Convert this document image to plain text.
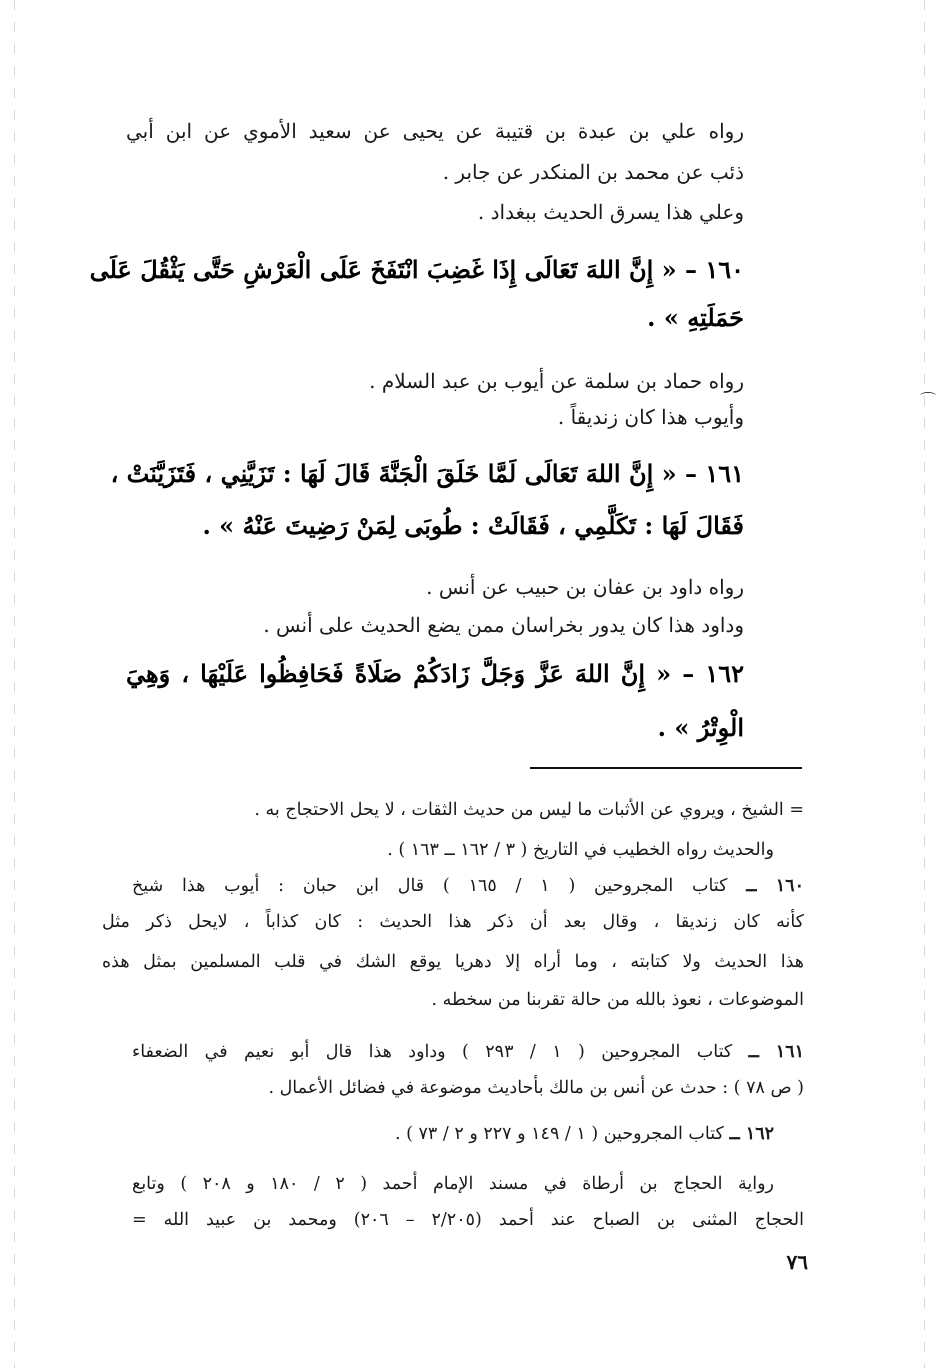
رواه علي بن عبدة بن قتيبة عن يحيى عن سعيد الأموي عن ابن أبي
ذئب عن محمد بن المنكدر عن جابر .
وعلي هذا يسرق الحديث ببغداد .
١٦٠ – « إِنَّ اللهَ تَعَالَى إِذَا غَضِبَ انْتَفَخَ عَلَى الْعَرْشِ حَتَّى يَثْقُلَ عَلَى
حَمَلَتِهِ » .
رواه حماد بن سلمة عن أيوب بن عبد السلام .
وأيوب هذا كان زنديقاً .
١٦١ – « إِنَّ اللهَ تَعَالَى لَمَّا خَلَقَ الْجَنَّةَ قَالَ لَهَا : تَزَيَّنِي ، فَتَزَيَّنَتْ ،
فَقَالَ لَهَا : تَكَلَّمِي ، فَقَالَتْ : طُوبَى لِمَنْ رَضِيتَ عَنْهُ » .
رواه داود بن عفان بن حبيب عن أنس .
وداود هذا كان يدور بخراسان ممن يضع الحديث على أنس .
١٦٢ – « إِنَّ اللهَ عَزَّ وَجَلَّ زَادَكُمْ صَلَاةً فَحَافِظُوا عَلَيْهَا ، وَهِيَ
الْوِتْرُ » .
= الشيخ ، ويروي عن الأثبات ما ليس من حديث الثقات ، لا يحل الاحتجاج به .
والحديث رواه الخطيب في التاريخ ( ٣ / ١٦٢ ــ ١٦٣ ) .
١٦٠ ــ كتاب المجروحين ( ١ / ١٦٥ ) قال ابن حبان : أيوب هذا شيخ
كأنه كان زنديقا ، وقال بعد أن ذكر هذا الحديث : كان كذاباً ، لايحل ذكر مثل
هذا الحديث ولا كتابته ، وما أراه إلا دهريا يوقع الشك في قلب المسلمين بمثل هذه
الموضوعات ، نعوذ بالله من حالة تقربنا من سخطه .
١٦١ ــ كتاب المجروحين ( ١ / ٢٩٣ ) وداود هذا قال أبو نعيم في الضعفاء
( ص ٧٨ ) : حدث عن أنس بن مالك بأحاديث موضوعة في فضائل الأعمال .
١٦٢ ــ كتاب المجروحين ( ١ / ١٤٩ و ٢٢٧ و ٢ / ٧٣ ) .
رواية الحجاج بن أرطاة في مسند الإمام أحمد ( ٢ / ١٨٠ و ٢٠٨ ) وتابع
الحجاج المثنى بن الصباح عند أحمد (٢/٢٠٥ – ٢٠٦) ومحمد بن عبيد الله =
٧٦
